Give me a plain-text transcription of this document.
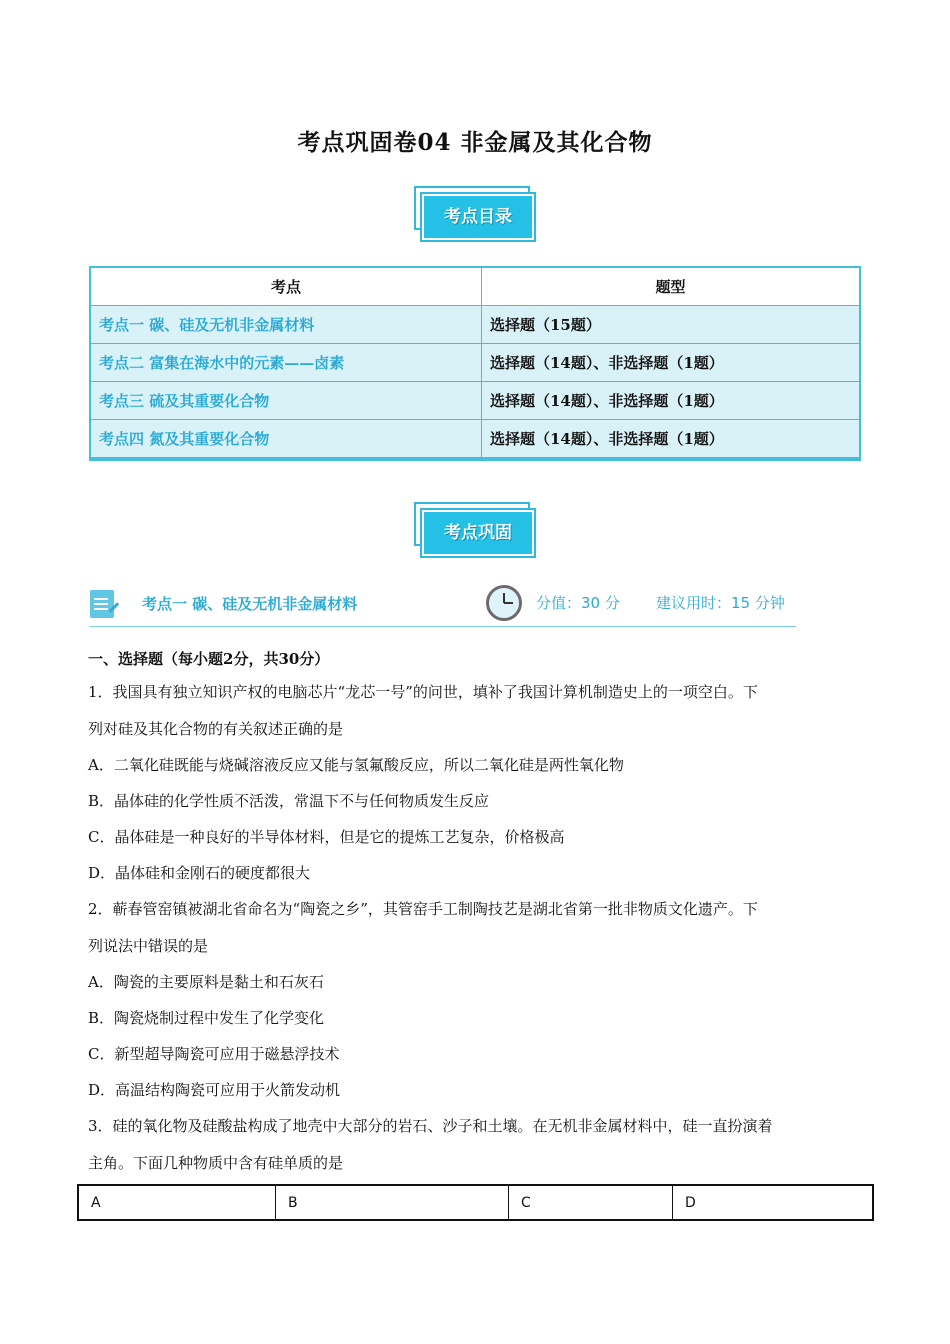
考点巩固卷04 非金属及其化合物
考点目录
考点	题型
考点一 碳、硅及无机非金属材料	选择题（15题）
考点二 富集在海水中的元素——卤素	选择题（14题）、非选择题（1题）
考点三 硫及其重要化合物	选择题（14题）、非选择题（1题）
考点四 氮及其重要化合物	选择题（14题）、非选择题（1题）
考点巩固
考点一 碳、硅及无机非金属材料	分值：30 分 建议用时：15 分钟
一、选择题（每小题2分，共30分）
1．我国具有独立知识产权的电脑芯片“龙芯一号”的问世，填补了我国计算机制造史上的一项空白。下
列对硅及其化合物的有关叙述正确的是
A．二氧化硅既能与烧碱溶液反应又能与氢氟酸反应，所以二氧化硅是两性氧化物
B．晶体硅的化学性质不活泼，常温下不与任何物质发生反应
C．晶体硅是一种良好的半导体材料，但是它的提炼工艺复杂，价格极高
D．晶体硅和金刚石的硬度都很大
2．蕲春管窑镇被湖北省命名为“陶瓷之乡”，其管窑手工制陶技艺是湖北省第一批非物质文化遗产。下
列说法中错误的是
A．陶瓷的主要原料是黏土和石灰石
B．陶瓷烧制过程中发生了化学变化
C．新型超导陶瓷可应用于磁悬浮技术
D．高温结构陶瓷可应用于火箭发动机
3．硅的氧化物及硅酸盐构成了地壳中大部分的岩石、沙子和土壤。在无机非金属材料中，硅一直扮演着
主角。下面几种物质中含有硅单质的是
A	B	C	D
